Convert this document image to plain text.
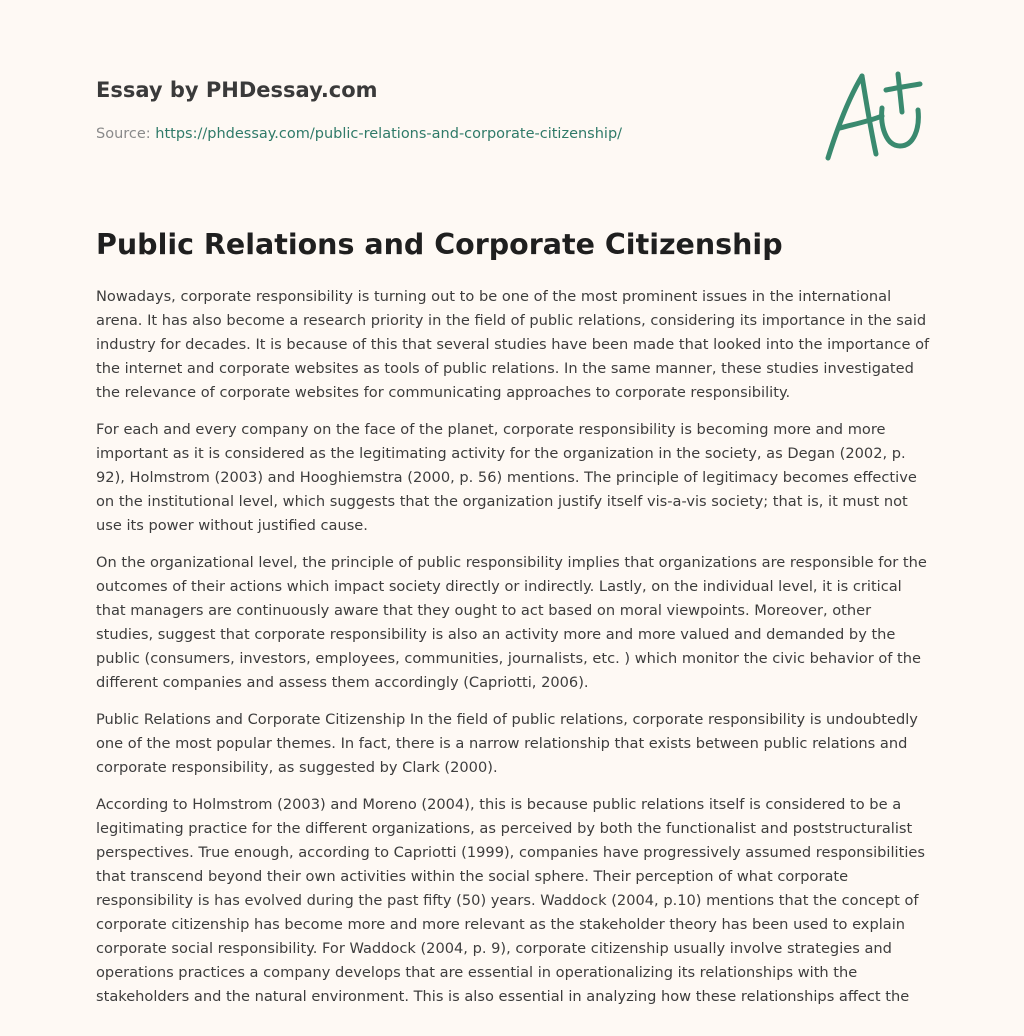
Essay by PHDessay.com
Source: https://phdessay.com/public-relations-and-corporate-citizenship/
Public Relations and Corporate Citizenship

Nowadays, corporate responsibility is turning out to be one of the most prominent issues in the international arena. It has also become a research priority in the field of public relations, considering its importance in the said industry for decades. It is because of this that several studies have been made that looked into the importance of the internet and corporate websites as tools of public relations. In the same manner, these studies investigated the relevance of corporate websites for communicating approaches to corporate responsibility.

For each and every company on the face of the planet, corporate responsibility is becoming more and more important as it is considered as the legitimating activity for the organization in the society, as Degan (2002, p. 92), Holmstrom (2003) and Hooghiemstra (2000, p. 56) mentions. The principle of legitimacy becomes effective on the institutional level, which suggests that the organization justify itself vis-a-vis society; that is, it must not use its power without justified cause.

On the organizational level, the principle of public responsibility implies that organizations are responsible for the outcomes of their actions which impact society directly or indirectly. Lastly, on the individual level, it is critical that managers are continuously aware that they ought to act based on moral viewpoints. Moreover, other studies, suggest that corporate responsibility is also an activity more and more valued and demanded by the public (consumers, investors, employees, communities, journalists, etc. ) which monitor the civic behavior of the different companies and assess them accordingly (Capriotti, 2006).

Public Relations and Corporate Citizenship In the field of public relations, corporate responsibility is undoubtedly one of the most popular themes. In fact, there is a narrow relationship that exists between public relations and corporate responsibility, as suggested by Clark (2000).

According to Holmstrom (2003) and Moreno (2004), this is because public relations itself is considered to be a legitimating practice for the different organizations, as perceived by both the functionalist and poststructuralist perspectives. True enough, according to Capriotti (1999), companies have progressively assumed responsibilities that transcend beyond their own activities within the social sphere. Their perception of what corporate responsibility is has evolved during the past fifty (50) years. Waddock (2004, p.10) mentions that the concept of corporate citizenship has become more and more relevant as the stakeholder theory has been used to explain corporate social responsibility. For Waddock (2004, p. 9), corporate citizenship usually involve strategies and operations practices a company develops that are essential in operationalizing its relationships with the stakeholders and the natural environment. This is also essential in analyzing how these relationships affect the
